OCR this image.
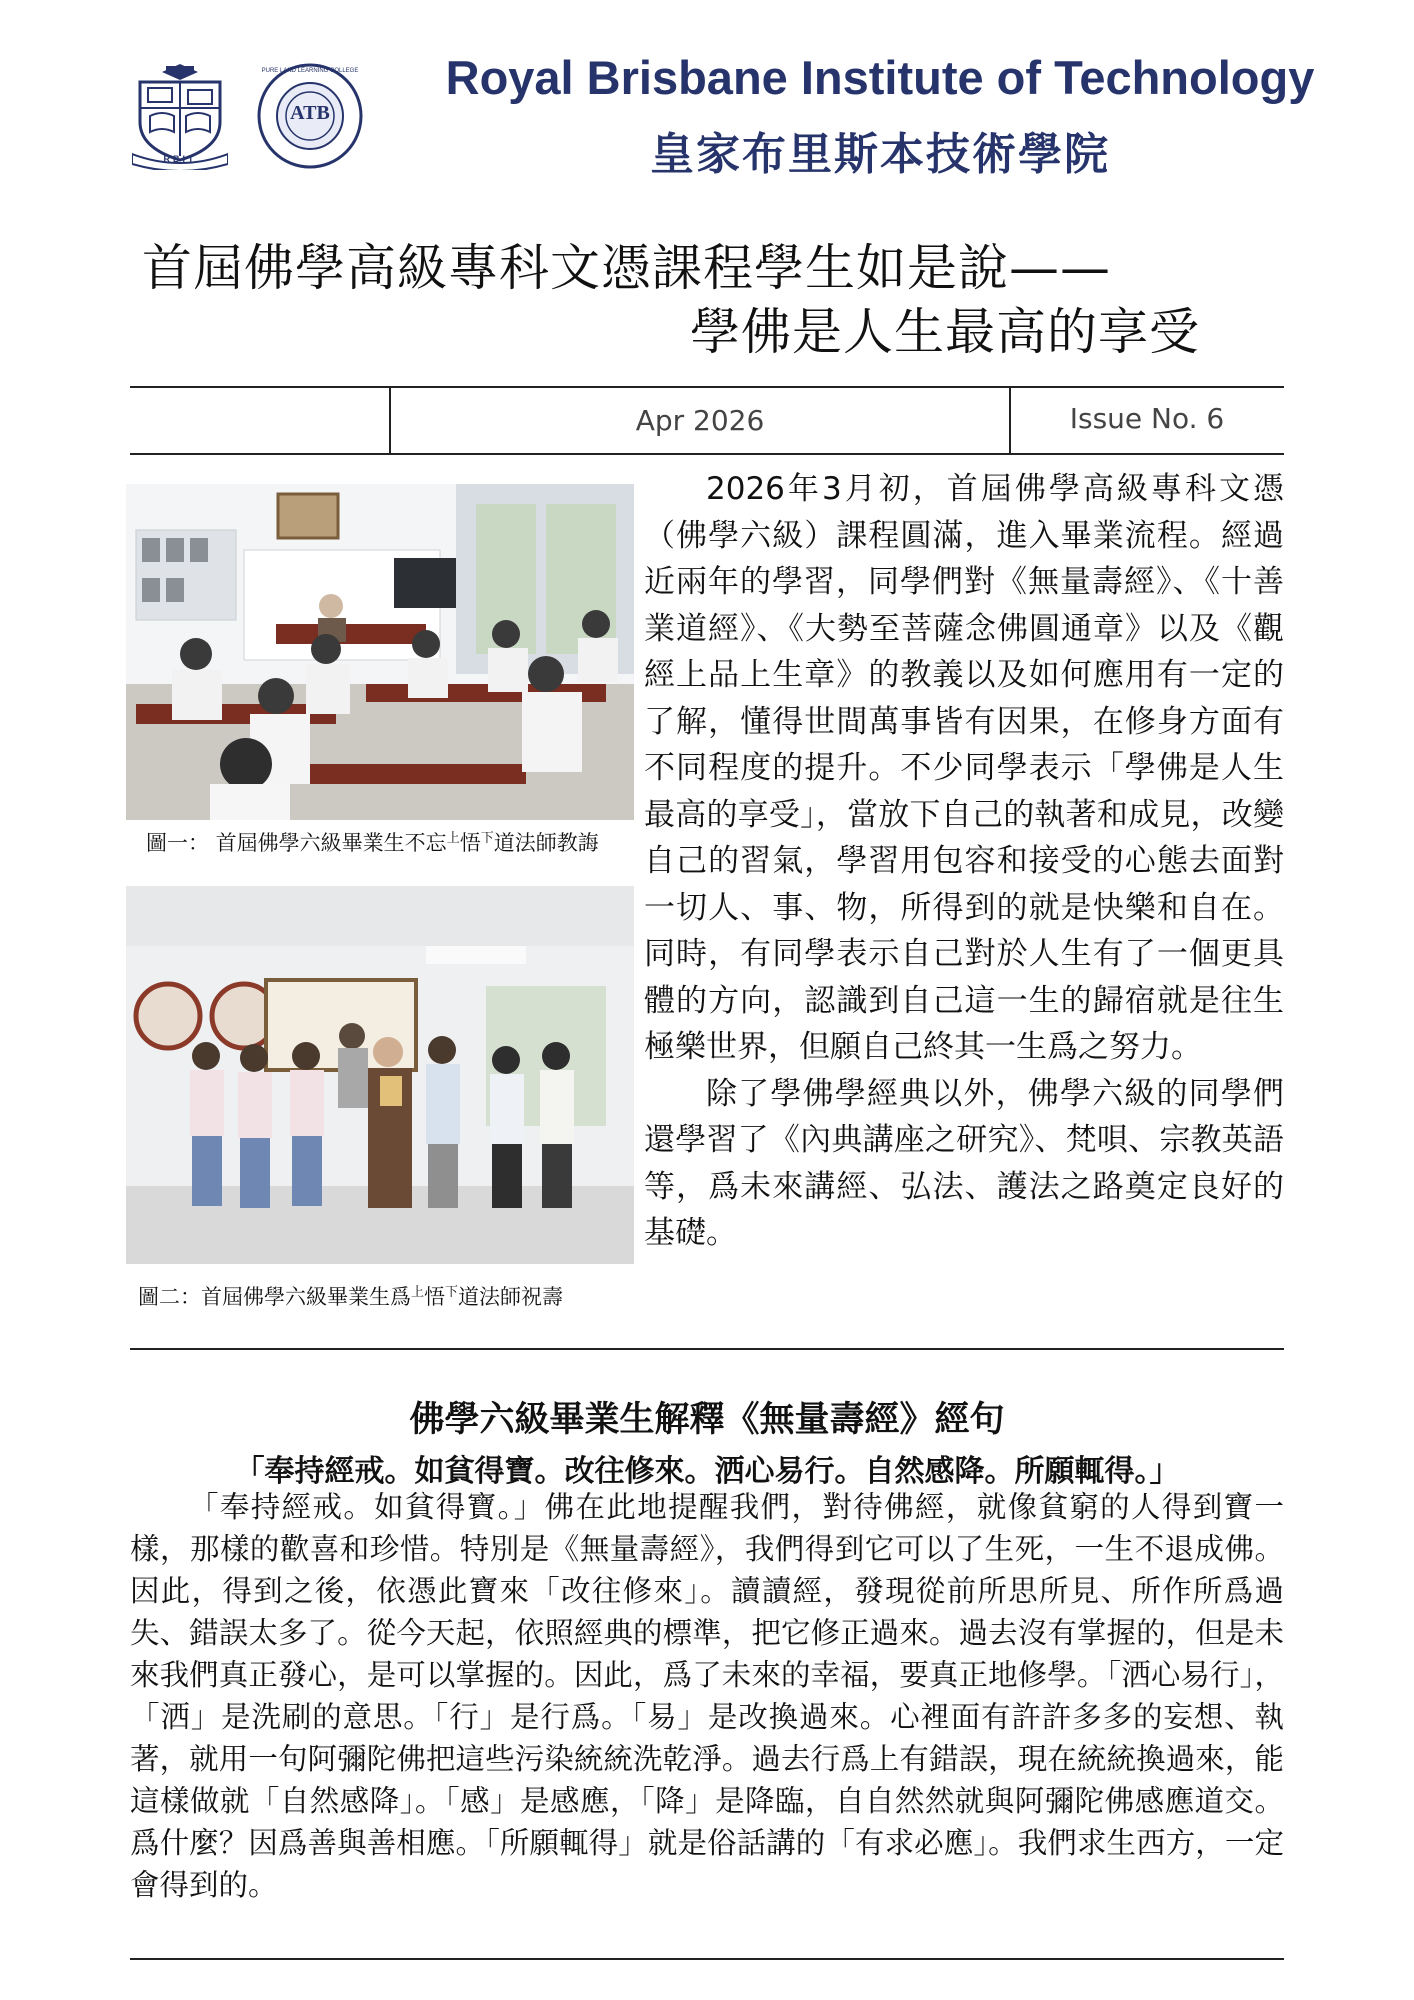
RBIT
PURE LAND LEARNING COLLEGE
ATB
Royal Brisbane Institute of Technology
皇家布里斯本技術學院
首屆佛學高級專科文憑課程學生如是說——
學佛是人生最高的享受
Apr 2026	Issue No. 6
圖一： 首屆佛學六級畢業生不忘$^上$悟$^下$道法師教誨
圖二：首屆佛學六級畢業生爲$^上$悟$^下$道法師祝壽

2026年3月初，首屆佛學高級專科文憑（佛學六級）課程圓滿，進入畢業流程。經過近兩年的學習，同學們對《無量壽經》、《十善業道經》、《大勢至菩薩念佛圓通章》以及《觀經上品上生章》的教義以及如何應用有一定的了解，懂得世間萬事皆有因果，在修身方面有不同程度的提升。不少同學表示「學佛是人生最高的享受」，當放下自己的執著和成見，改變自己的習氣，學習用包容和接受的心態去面對一切人、事、物，所得到的就是快樂和自在。同時，有同學表示自己對於人生有了一個更具體的方向，認識到自己這一生的歸宿就是往生極樂世界，但願自己終其一生爲之努力。

除了學佛學經典以外，佛學六級的同學們還學習了《內典講座之研究》、梵唄、宗教英語等，爲未來講經、弘法、護法之路奠定良好的基礎。

佛學六級畢業生解釋《無量壽經》經句
「奉持經戒。如貧得寶。改往修來。洒心易行。自然感降。所願輒得。」

「奉持經戒。如貧得寶。」佛在此地提醒我們，對待佛經，就像貧窮的人得到寶一樣，那樣的歡喜和珍惜。特別是《無量壽經》，我們得到它可以了生死，一生不退成佛。因此，得到之後，依憑此寶來「改往修來」。讀讀經，發現從前所思所見、所作所爲過失、錯誤太多了。從今天起，依照經典的標準，把它修正過來。過去沒有掌握的，但是未來我們真正發心，是可以掌握的。因此，爲了未來的幸福，要真正地修學。「洒心易行」，「洒」是洗刷的意思。「行」是行爲。「易」是改換過來。心裡面有許許多多的妄想、執著，就用一句阿彌陀佛把這些污染統統洗乾淨。過去行爲上有錯誤，現在統統換過來，能這樣做就「自然感降」。「感」是感應，「降」是降臨，自自然然就與阿彌陀佛感應道交。爲什麼？因爲善與善相應。「所願輒得」就是俗話講的「有求必應」。我們求生西方，一定會得到的。
